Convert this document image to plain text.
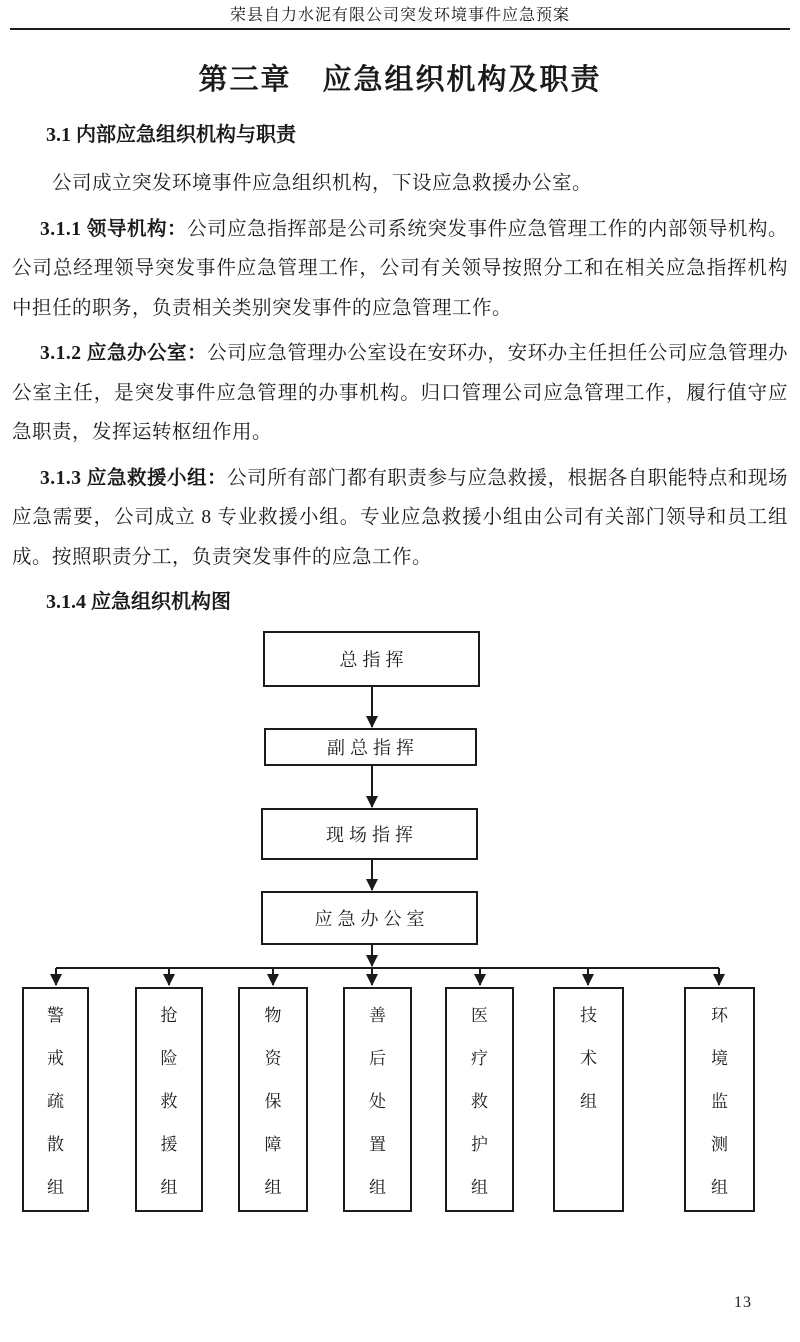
荣县自力水泥有限公司突发环境事件应急预案
第三章　应急组织机构及职责
3.1 内部应急组织机构与职责

公司成立突发环境事件应急组织机构，下设应急救援办公室。

3.1.1 领导机构：公司应急指挥部是公司系统突发事件应急管理工作的内部领导机构。公司总经理领导突发事件应急管理工作，公司有关领导按照分工和在相关应急指挥机构中担任的职务，负责相关类别突发事件的应急管理工作。

3.1.2 应急办公室：公司应急管理办公室设在安环办，安环办主任担任公司应急管理办公室主任，是突发事件应急管理的办事机构。归口管理公司应急管理工作，履行值守应急职责，发挥运转枢纽作用。

3.1.3 应急救援小组：公司所有部门都有职责参与应急救援，根据各自职能特点和现场应急需要，公司成立 8 专业救援小组。专业应急救援小组由公司有关部门领导和员工组成。按照职责分工，负责突发事件的应急工作。

3.1.4 应急组织机构图
总指挥
副总指挥
现场指挥
应急办公室
警
戒
疏
散
组
抢
险
救
援
组
物
资
保
障
组
善
后
处
置
组
医
疗
救
护
组
技
术
组
环
境
监
测
组
13
